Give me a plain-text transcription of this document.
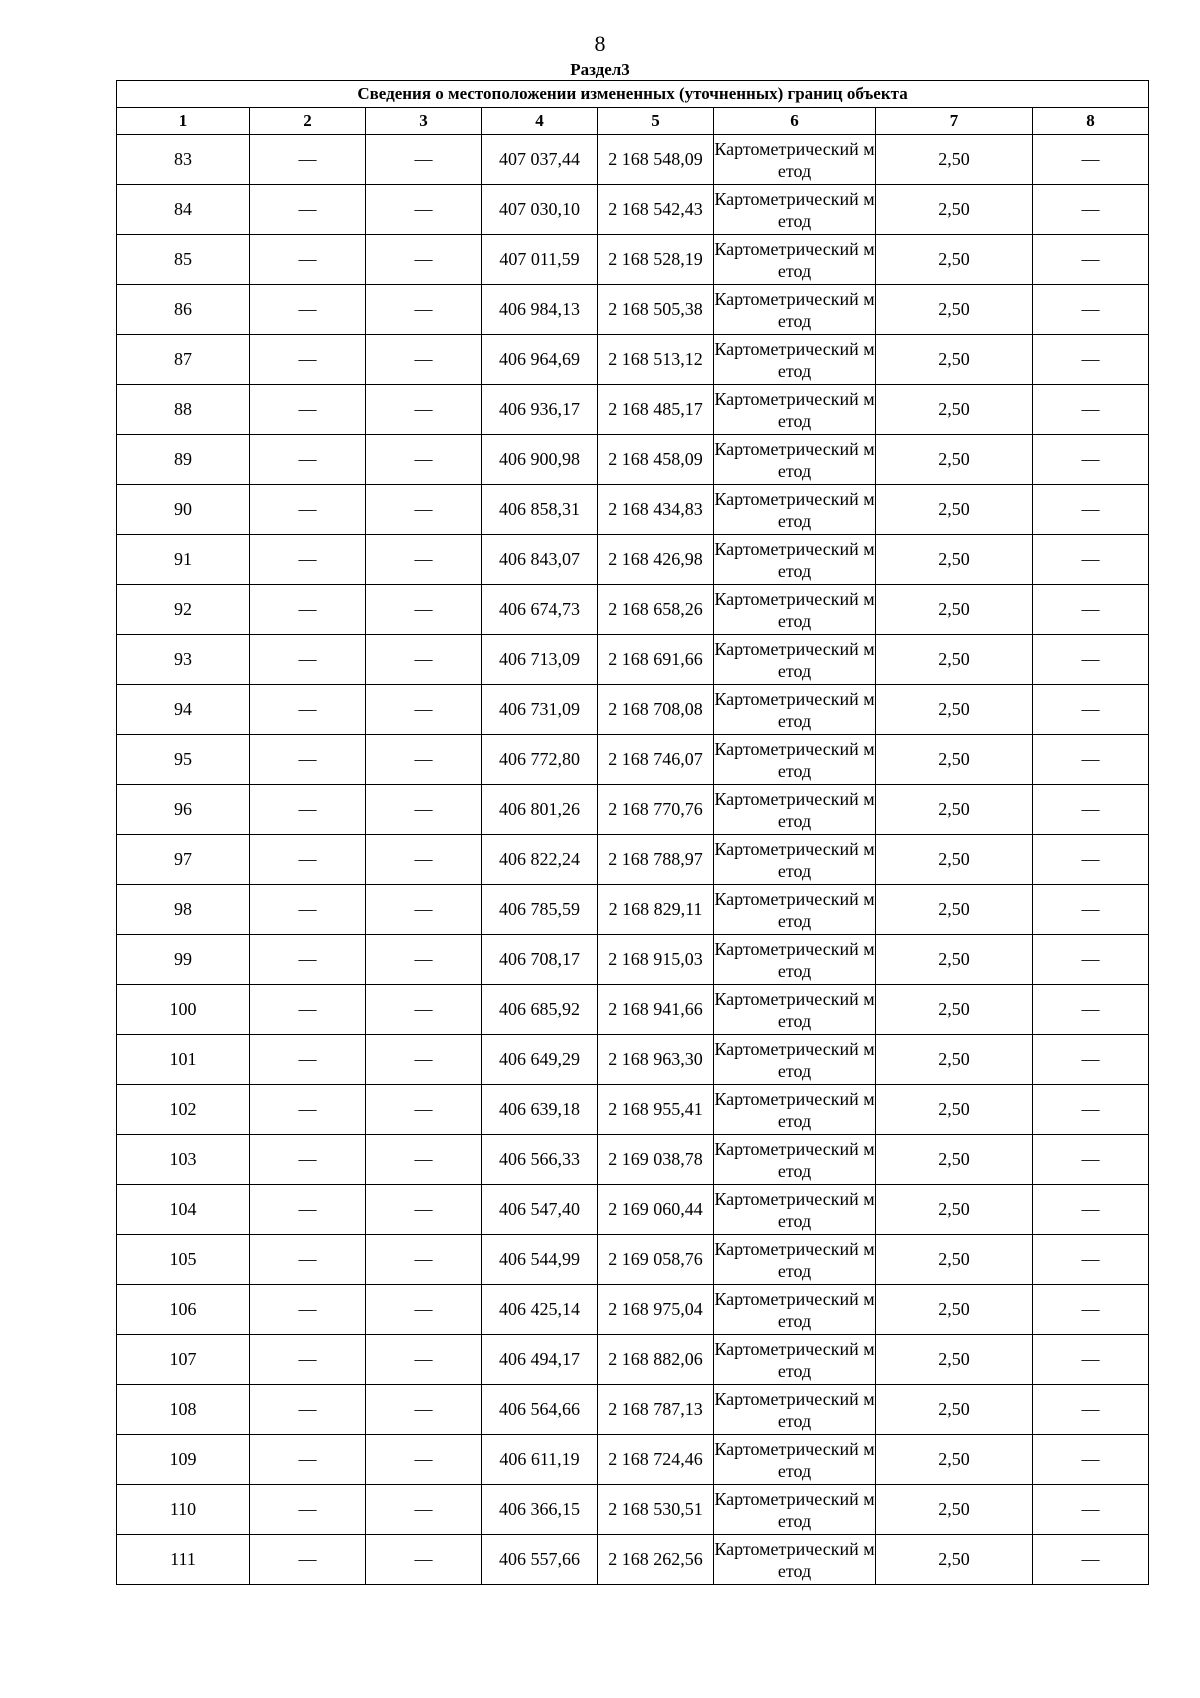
8
Раздел3
Сведения о местоположении измененных (уточненных) границ объекта							
1	2	3	4	5	6	7	8
83	—	—	407 037,44	2 168 548,09	Картометрический метод	2,50	—
84	—	—	407 030,10	2 168 542,43	Картометрический метод	2,50	—
85	—	—	407 011,59	2 168 528,19	Картометрический метод	2,50	—
86	—	—	406 984,13	2 168 505,38	Картометрический метод	2,50	—
87	—	—	406 964,69	2 168 513,12	Картометрический метод	2,50	—
88	—	—	406 936,17	2 168 485,17	Картометрический метод	2,50	—
89	—	—	406 900,98	2 168 458,09	Картометрический метод	2,50	—
90	—	—	406 858,31	2 168 434,83	Картометрический метод	2,50	—
91	—	—	406 843,07	2 168 426,98	Картометрический метод	2,50	—
92	—	—	406 674,73	2 168 658,26	Картометрический метод	2,50	—
93	—	—	406 713,09	2 168 691,66	Картометрический метод	2,50	—
94	—	—	406 731,09	2 168 708,08	Картометрический метод	2,50	—
95	—	—	406 772,80	2 168 746,07	Картометрический метод	2,50	—
96	—	—	406 801,26	2 168 770,76	Картометрический метод	2,50	—
97	—	—	406 822,24	2 168 788,97	Картометрический метод	2,50	—
98	—	—	406 785,59	2 168 829,11	Картометрический метод	2,50	—
99	—	—	406 708,17	2 168 915,03	Картометрический метод	2,50	—
100	—	—	406 685,92	2 168 941,66	Картометрический метод	2,50	—
101	—	—	406 649,29	2 168 963,30	Картометрический метод	2,50	—
102	—	—	406 639,18	2 168 955,41	Картометрический метод	2,50	—
103	—	—	406 566,33	2 169 038,78	Картометрический метод	2,50	—
104	—	—	406 547,40	2 169 060,44	Картометрический метод	2,50	—
105	—	—	406 544,99	2 169 058,76	Картометрический метод	2,50	—
106	—	—	406 425,14	2 168 975,04	Картометрический метод	2,50	—
107	—	—	406 494,17	2 168 882,06	Картометрический метод	2,50	—
108	—	—	406 564,66	2 168 787,13	Картометрический метод	2,50	—
109	—	—	406 611,19	2 168 724,46	Картометрический метод	2,50	—
110	—	—	406 366,15	2 168 530,51	Картометрический метод	2,50	—
111	—	—	406 557,66	2 168 262,56	Картометрический метод	2,50	—
